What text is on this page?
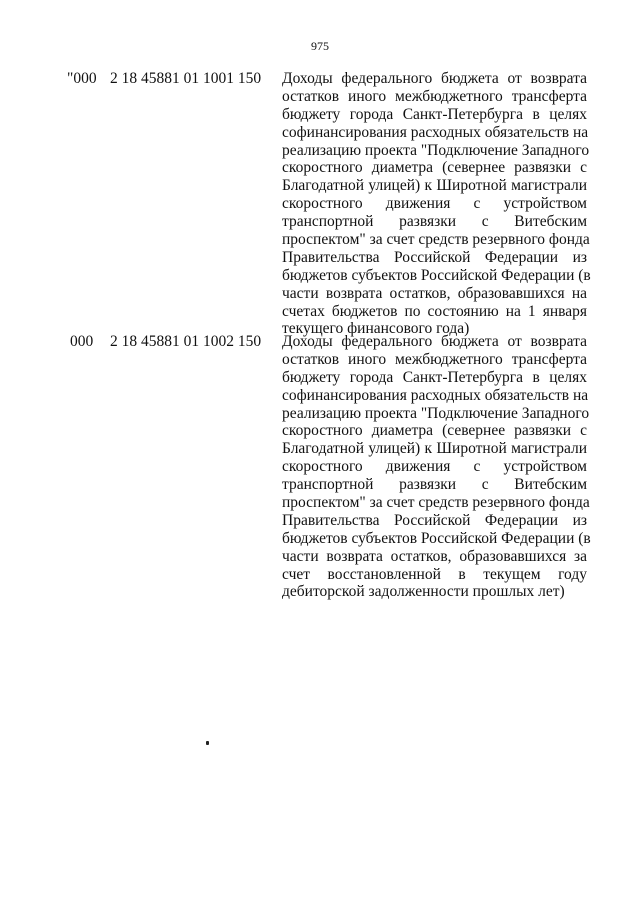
975
"000 2 18 45881 01 1001 150 Доходы федерального бюджета от возврата
остатков иного межбюджетного трансферта
бюджету города Санкт-Петербурга в целях
софинансирования расходных обязательств на
реализацию проекта "Подключение Западного
скоростного диаметра (севернее развязки с
Благодатной улицей) к Широтной магистрали
скоростного движения с устройством
транспортной развязки с Витебским
проспектом" за счет средств резервного фонда
Правительства Российской Федерации из
бюджетов субъектов Российской Федерации (в
части возврата остатков, образовавшихся на
счетах бюджетов по состоянию на 1 января
текущего финансового года)
000 2 18 45881 01 1002 150 Доходы федерального бюджета от возврата
остатков иного межбюджетного трансферта
бюджету города Санкт-Петербурга в целях
софинансирования расходных обязательств на
реализацию проекта "Подключение Западного
скоростного диаметра (севернее развязки с
Благодатной улицей) к Широтной магистрали
скоростного движения с устройством
транспортной развязки с Витебским
проспектом" за счет средств резервного фонда
Правительства Российской Федерации из
бюджетов субъектов Российской Федерации (в
части возврата остатков, образовавшихся за
счет восстановленной в текущем году
дебиторской задолженности прошлых лет)
